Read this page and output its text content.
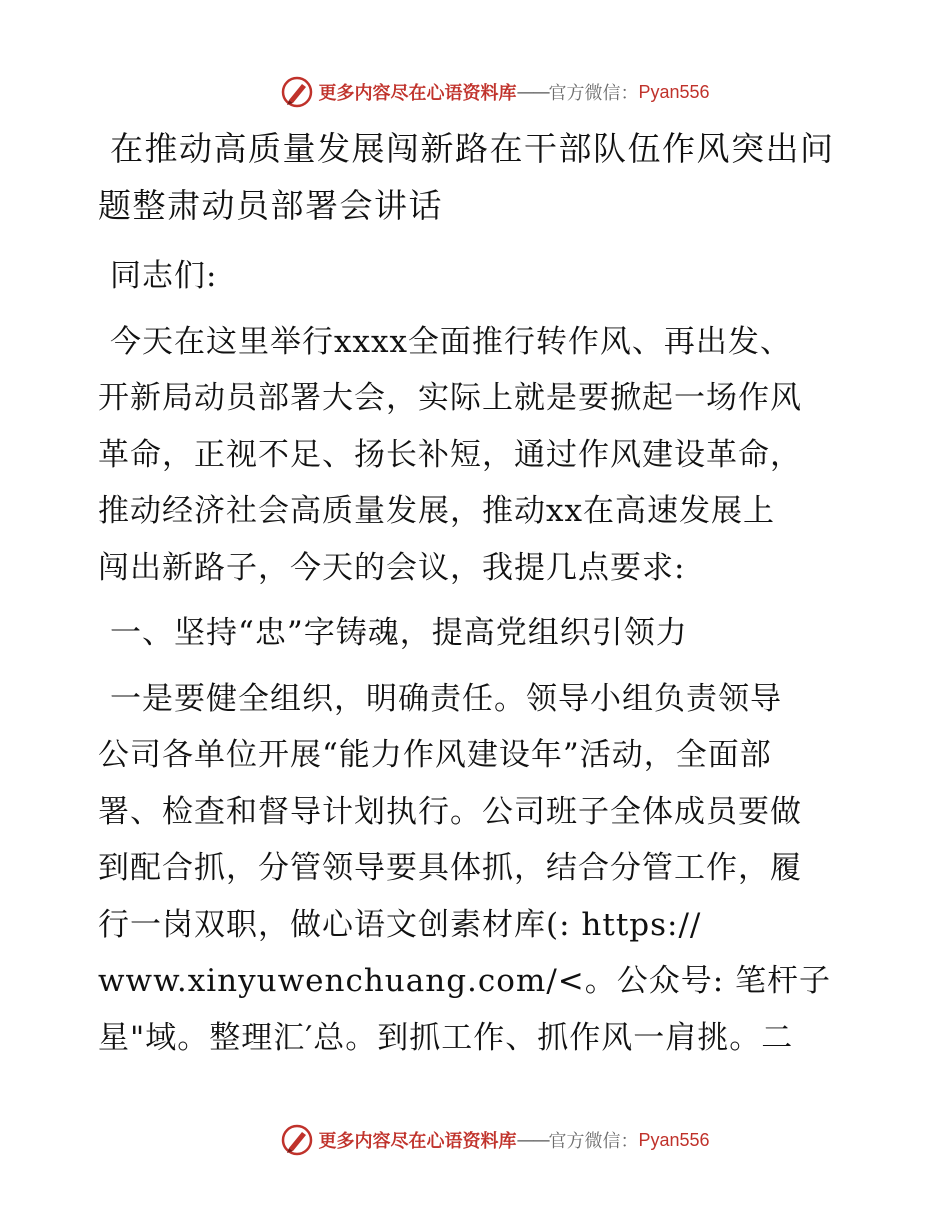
更多内容尽在心语资料库 —— 官方微信： Pyan556
在推动高质量发展闯新路在干部队伍作风突出问
题整肃动员部署会讲话
同志们:
今天在这里举行xxxx全面推行转作风、再出发、
开新局动员部署大会，实际上就是要掀起一场作风
革命，正视不足、扬长补短，通过作风建设革命，
推动经济社会高质量发展，推动xx在高速发展上
闯出新路子，今天的会议，我提几点要求:
一、坚持“忠”字铸魂，提高党组织引领力
一是要健全组织，明确责任。领导小组负责领导
公司各单位开展“能力作风建设年”活动，全面部
署、检查和督导计划执行。公司班子全体成员要做
到配合抓，分管领导要具体抓，结合分管工作，履
行一岗双职，做心语文创素材库(: https://
www.xinyuwenchuang.com/<。公众号: 笔杆子
星"域。整理汇′总。到抓工作、抓作风一肩挑。二
更多内容尽在心语资料库 —— 官方微信： Pyan556
